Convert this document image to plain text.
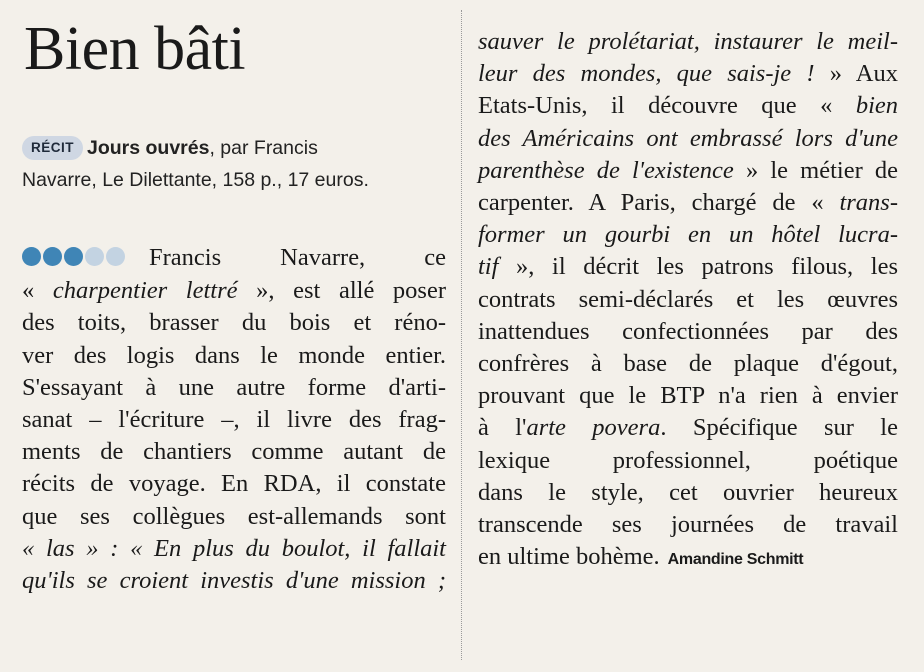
Bien bâti
RÉCIT Jours ouvrés, par Francis
Navarre, Le Dilettante, 158 p., 17 euros.
Francis Navarre, ce
« charpentier lettré », est allé poser
des toits, brasser du bois et réno-
ver des logis dans le monde entier.
S'essayant à une autre forme d'arti-
sanat – l'écriture –, il livre des frag-
ments de chantiers comme autant de
récits de voyage. En RDA, il constate
que ses collègues est-allemands sont
« las » : « En plus du boulot, il fallait
qu'ils se croient investis d'une mission ;
sauver le prolétariat, instaurer le meil-
leur des mondes, que sais-je ! » Aux
Etats-Unis, il découvre que « bien
des Américains ont embrassé lors d'une
parenthèse de l'existence » le métier de
carpenter. A Paris, chargé de « trans-
former un gourbi en un hôtel lucra-
tif », il décrit les patrons filous, les
contrats semi-déclarés et les œuvres
inattendues confectionnées par des
confrères à base de plaque d'égout,
prouvant que le BTP n'a rien à envier
à l'arte povera. Spécifique sur le
lexique professionnel, poétique
dans le style, cet ouvrier heureux
transcende ses journées de travail
en ultime bohème. Amandine Schmitt
